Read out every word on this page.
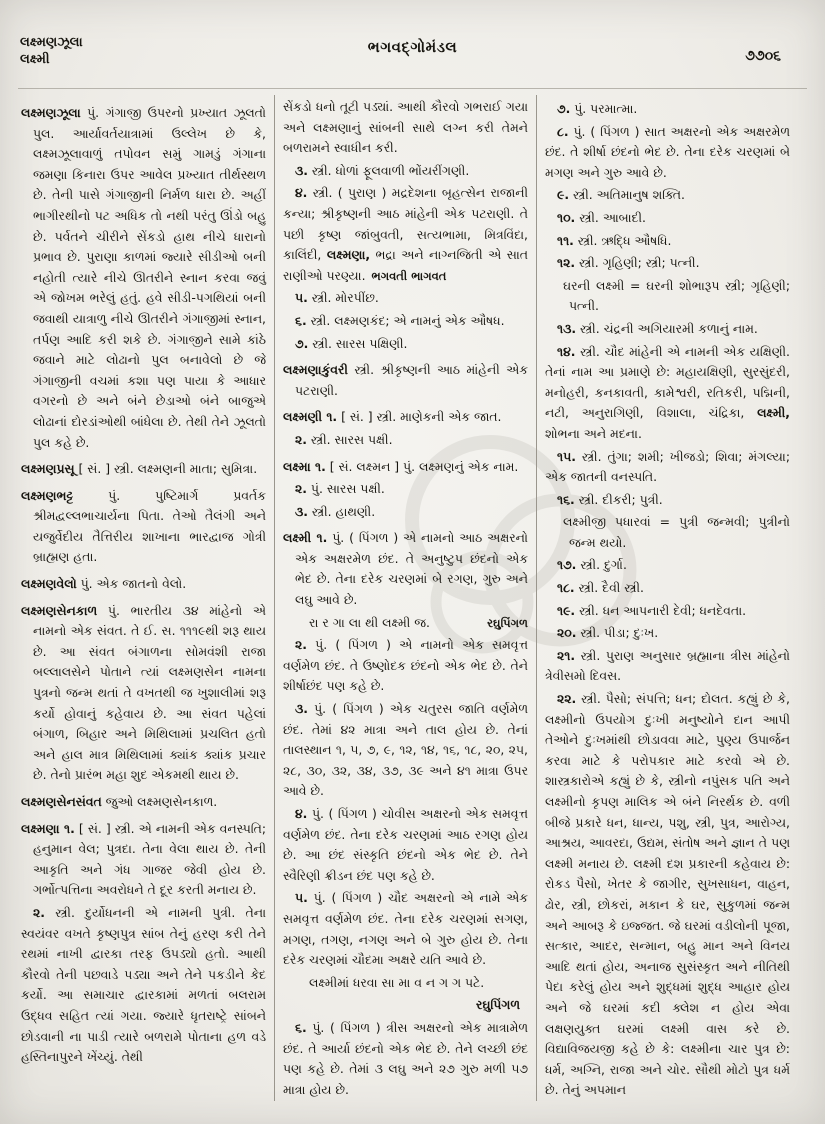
લક્ષ્મણઝૂલા
લક્ષ્મી
ભગવદ્ગોમંડલ	૭૭૦૬
લક્ષ્મણઝૂલા પું. ગંગાજી ઉપરનો પ્રખ્યાત ઝૂલતો પુલ. આર્યાવર્તયાત્રામાં ઉલ્લેખ છે કે, લક્ષ્મઝૂલાવાળું તપોવન સમું ગામડું ગંગાના જમણા કિનારા ઉપર આવેલ પ્રખ્યાત તીર્થસ્થળ છે. તેની પાસે ગંગાજીની નિર્મળ ધારા છે. અહીં ભાગીરથીનો પટ અધિક તો નથી પરંતુ ઊંડો બહુ છે. પર્વતને ચીરીને સેંકડો હાથ નીચે ધારાનો પ્રભાવ છે. પુરાણા કાળમાં જ્યારે સીડીઓ બની નહોતી ત્યારે નીચે ઊતરીને સ્નાન કરવા જવું એ જોખમ ભરેલું હતું. હવે સીડી-પગથિયાં બની જવાથી યાત્રાળુ નીચે ઊતરીને ગંગાજીમાં સ્નાન, તર્પણ આદિ કરી શકે છે. ગંગાજીને સામે કાંઠે જવાને માટે લોઢાનો પુલ બનાવેલો છે જે ગંગાજીની વચમાં કશા પણ પાયા કે આધાર વગરનો છે અને બંને છેડાઓ બંને બાજુએ લોઢાનાં દોરડાંઓથી બાંધેલા છે. તેથી તેને ઝૂલતો પુલ કહે છે.
લક્ષ્મણપ્રસૂ [ સં. ] સ્ત્રી. લક્ષ્મણની માતા; સુમિત્રા.
લક્ષ્મણભટ્ટ પું. પુષ્ટિમાર્ગ પ્રવર્તક શ્રીમદ્વલ્લભાચાર્યના પિતા. તેઓ તૈલંગી અને યજુર્વેદીય તૈત્તિરીય શાખાના ભારદ્વાજ ગોત્રી બ્રાહ્મણ હતા.
લક્ષ્મણવેલો પું. એક જાતનો વેલો.
લક્ષ્મણસેનકાળ પું. ભારતીય ૩૪ માંહેનો એ નામનો એક સંવત. તે ઈ. સ. ૧૧૧૯થી શરૂ થાય છે. આ સંવત બંગાળના સોમવંશી રાજા બલ્લાલસેને પોતાને ત્યાં લક્ષ્મણસેન નામના પુત્રનો જન્મ થતાં તે વખતથી જ ખુશાલીમાં શરૂ કર્યો હોવાનું કહેવાય છે. આ સંવત પહેલાં બંગાળ, બિહાર અને મિથિલામાં પ્રચલિત હતો અને હાલ માત્ર મિથિલામાં ક્યાંક ક્યાંક પ્રચાર છે. તેનો પ્રારંભ મહા શુદ એકમથી થાય છે.
લક્ષ્મણસેનસંવત જુઓ લક્ષ્મણસેનકાળ.
લક્ષ્મણા ૧. [ સં. ] સ્ત્રી. એ નામની એક વનસ્પતિ; હનુમાન વેલ; પુત્રદા. તેના વેલા થાય છે. તેની આકૃતિ અને ગંધ ગાજર જેવી હોય છે. ગર્ભોત્પત્તિના અવરોધને તે દૂર કરતી મનાય છે.
૨. સ્ત્રી. દુર્યોધનની એ નામની પુત્રી. તેના સ્વયંવર વખતે કૃષ્ણપુત્ર સાંબ તેનું હરણ કરી તેને રથમાં નાખી દ્વારકા તરફ ઉપડ્યો હતો. આથી કૌરવો તેની પછવાડે પડ્યા અને તેને પકડીને કેદ કર્યો. આ સમાચાર દ્વારકામાં મળતાં બલરામ ઉદ્ધવ સહિત ત્યાં ગયા. જ્યારે ધૃતરાષ્ટ્રે સાંબને છોડવાની ના પાડી ત્યારે બળરામે પોતાના હળ વડે હસ્તિનાપુરને ખેંચ્યું. તેથી
સેંકડો ધનો તૂટી પડ્યાં. આથી કૌરવો ગભરાઈ ગયા અને લક્ષ્મણાનું સાંબની સાથે લગ્ન કરી તેમને બળરામને સ્વાધીન કરી.
૩. સ્ત્રી. ધોળાં ફૂલવાળી ભોંયરીંગણી.
૪. સ્ત્રી. ( પુરાણ ) મદ્રદેશના બૃહત્સેન રાજાની કન્યા; શ્રીકૃષ્ણની આઠ માંહેની એક પટરાણી. તે પછી કૃષ્ણ જાંબુવતી, સત્યભામા, મિત્રવિંદા, કાલિંદી, લક્ષ્મણા, ભદ્રા અને નાગ્નજિતી એ સાત રાણીઓ પરણ્યા. ભગવતી ભાગવત
૫. સ્ત્રી. મોરપીંછ.
૬. સ્ત્રી. લક્ષ્મણકંદ; એ નામનું એક ઔષધ.
૭. સ્ત્રી. સારસ પક્ષિણી.
લક્ષ્મણાકુંવરી સ્ત્રી. શ્રીકૃષ્ણની આઠ માંહેની એક પટરાણી.
લક્ષ્મણી ૧. [ સં. ] સ્ત્રી. માણેકની એક જાત.
૨. સ્ત્રી. સારસ પક્ષી.
લક્ષ્મા ૧. [ સં. લક્ષ્મન ] પું. લક્ષ્મણનું એક નામ.
૨. પું. સારસ પક્ષી.
૩. સ્ત્રી. હાથણી.
લક્ષ્મી ૧. પું. ( પિંગળ ) એ નામનો આઠ અક્ષરનો એક અક્ષરમેળ છંદ. તે અનુષ્ટુપ છંદનો એક ભેદ છે. તેના દરેક ચરણમાં બે રગણ, ગુરુ અને લઘુ આવે છે.
રા ર ગા લા થી લક્ષ્મી જ.	રઘુપિંગળ
૨. પું. ( પિંગળ ) એ નામનો એક સમવૃત્ત વર્ણમેળ છંદ. તે ઉષ્ણોદક છંદનો એક ભેદ છે. તેને શીર્ષાછંદ પણ કહે છે.
૩. પું. ( પિંગળ ) એક ચતુરસ જાતિ વર્ણમેળ છંદ. તેમાં ૪૨ માત્રા અને તાલ હોય છે. તેનાં તાલસ્થાન ૧, ૫, ૭, ૯, ૧૨, ૧૪, ૧૬, ૧૮, ૨૦, ૨૫, ૨૮, ૩૦, ૩૨, ૩૪, ૩૭, ૩૯ અને ૪૧ માત્રા ઉપર આવે છે.
૪. પું. ( પિંગળ ) ચોવીસ અક્ષરનો એક સમવૃત્ત વર્ણમેળ છંદ. તેના દરેક ચરણમાં આઠ રગણ હોય છે. આ છંદ સંસ્કૃતિ છંદનો એક ભેદ છે. તેને સ્વૈરિણી ક્રીડન છંદ પણ કહે છે.
૫. પું. ( પિંગળ ) ચૌદ અક્ષરનો એ નામે એક સમવૃત્ત વર્ણમેળ છંદ. તેના દરેક ચરણમાં સગણ, મગણ, તગણ, નગણ અને બે ગુરુ હોય છે. તેના દરેક ચરણમાં ચૌદમા અક્ષરે યતિ આવે છે.
લક્ષ્મીમાં ધરવા સા મા વ ન ગ ગ પટે.
રઘુપિંગળ
૬. પું. ( પિંગળ ) ત્રીસ અક્ષરનો એક માત્રામેળ છંદ. તે આર્યા છંદનો એક ભેદ છે. તેને લચ્છી છંદ પણ કહે છે. તેમાં ૩ લઘુ અને ૨૭ ગુરુ મળી ૫૭ માત્રા હોય છે.
૭. પું. પરમાત્મા.
૮. પું. ( પિંગળ ) સાત અક્ષરનો એક અક્ષરમેળ છંદ. તે શીર્ષા છંદનો ભેદ છે. તેના દરેક ચરણમાં બે મગણ અને ગુરુ આવે છે.
૯. સ્ત્રી. અતિમાનુષ શક્તિ.
૧૦. સ્ત્રી. આબાદી.
૧૧. સ્ત્રી. ઋદ્ધિ ઔષધિ.
૧૨. સ્ત્રી. ગૃહિણી; સ્ત્રી; પત્ની.
ઘરની લક્ષ્મી = ઘરની શોભારૂપ સ્ત્રી; ગૃહિણી; પત્ની.
૧૩. સ્ત્રી. ચંદ્રની અગિયારમી કળાનું નામ.
૧૪. સ્ત્રી. ચૌદ માંહેની એ નામની એક યક્ષિણી. તેનાં નામ આ પ્રમાણે છે: મહાયક્ષિણી, સુરસુંદરી, મનોહરી, કનકાવતી, કામેશ્વરી, રતિકરી, પદ્મિની, નટી, અનુરાગિણી, વિશાલા, ચંદ્રિકા, લક્ષ્મી, શોભના અને મદના.
૧૫. સ્ત્રી. તુંગા; શમી; ખીજડો; શિવા; મંગલ્યા; એક જાતની વનસ્પતિ.
૧૬. સ્ત્રી. દીકરી; પુત્રી.
લક્ષ્મીજી પધારવાં = પુત્રી જન્મવી; પુત્રીનો જન્મ થયો.
૧૭. સ્ત્રી. દુર્ગા.
૧૮. સ્ત્રી. દૈવી સ્ત્રી.
૧૯. સ્ત્રી. ધન આપનારી દેવી; ધનદેવતા.
૨૦. સ્ત્રી. પીડા; દુઃખ.
૨૧. સ્ત્રી. પુરાણ અનુસાર બ્રહ્માના ત્રીસ માંહેનો ત્રેવીસમો દિવસ.
૨૨. સ્ત્રી. પૈસો; સંપત્તિ; ધન; દોલત. કહ્યું છે કે, લક્ષ્મીનો ઉપયોગ દુઃખી મનુષ્યોને દાન આપી તેઓને દુઃખમાંથી છોડાવવા માટે, પુણ્ય ઉપાર્જન કરવા માટે કે પરોપકાર માટે કરવો એ છે. શાસ્ત્રકારોએ કહ્યું છે કે, સ્ત્રીનો નપુંસક પતિ અને લક્ષ્મીનો કૃપણ માલિક એ બંને નિરર્થક છે. વળી બીજે પ્રકારે ધન, ધાન્ય, પશુ, સ્ત્રી, પુત્ર, આરોગ્ય, આશ્રય, આવરદા, ઉદ્યમ, સંતોષ અને જ્ઞાન તે પણ લક્ષ્મી મનાય છે. લક્ષ્મી દશ પ્રકારની કહેવાય છે: રોકડ પૈસો, ખેતર કે જાગીર, સુખસાધન, વાહન, ઢોર, સ્ત્રી, છોકરાં, મકાન કે ઘર, સુકુળમાં જન્મ અને આબરૂ કે ઇજ્જત. જે ઘરમાં વડીલોની પૂજા, સત્કાર, આદર, સન્માન, બહુ માન અને વિનય આદિ થતાં હોય, અનાજ સુસંસ્કૃત અને નીતિથી પેદા કરેલું હોય અને શુદ્ધમાં શુદ્ધ આહાર હોય અને જે ઘરમાં કદી ક્લેશ ન હોય એવા લક્ષણયુક્ત ઘરમાં લક્ષ્મી વાસ કરે છે. વિદ્યાવિજયજી કહે છે કે: લક્ષ્મીના ચાર પુત્ર છે: ધર્મ, અગ્નિ, રાજા અને ચોર. સૌથી મોટો પુત્ર ધર્મ છે. તેનું અપમાન
